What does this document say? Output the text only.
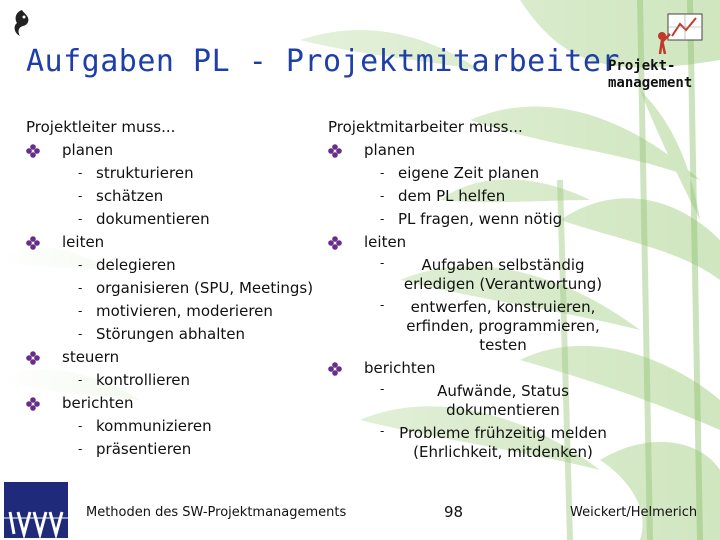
Aufgaben PL - Projektmitarbeiter
Projekt-
management
Projektleiter muss...
planen
- strukturieren
- schätzen
- dokumentieren
leiten
- delegieren
- organisieren (SPU, Meetings)
- motivieren, moderieren
- Störungen abhalten
steuern
- kontrollieren
berichten
- kommunizieren
- präsentieren
Projektmitarbeiter muss...
planen
- eigene Zeit planen
- dem PL helfen
- PL fragen, wenn nötig
leiten
- Aufgaben selbständig erledigen (Verantwortung)
- entwerfen, konstruieren, erfinden, programmieren, testen
berichten
-	Aufwände, Status dokumentieren
- Probleme frühzeitig melden (Ehrlichkeit, mitdenken)
Methoden des SW-Projektmanagements	98	Weickert/Helmerich
